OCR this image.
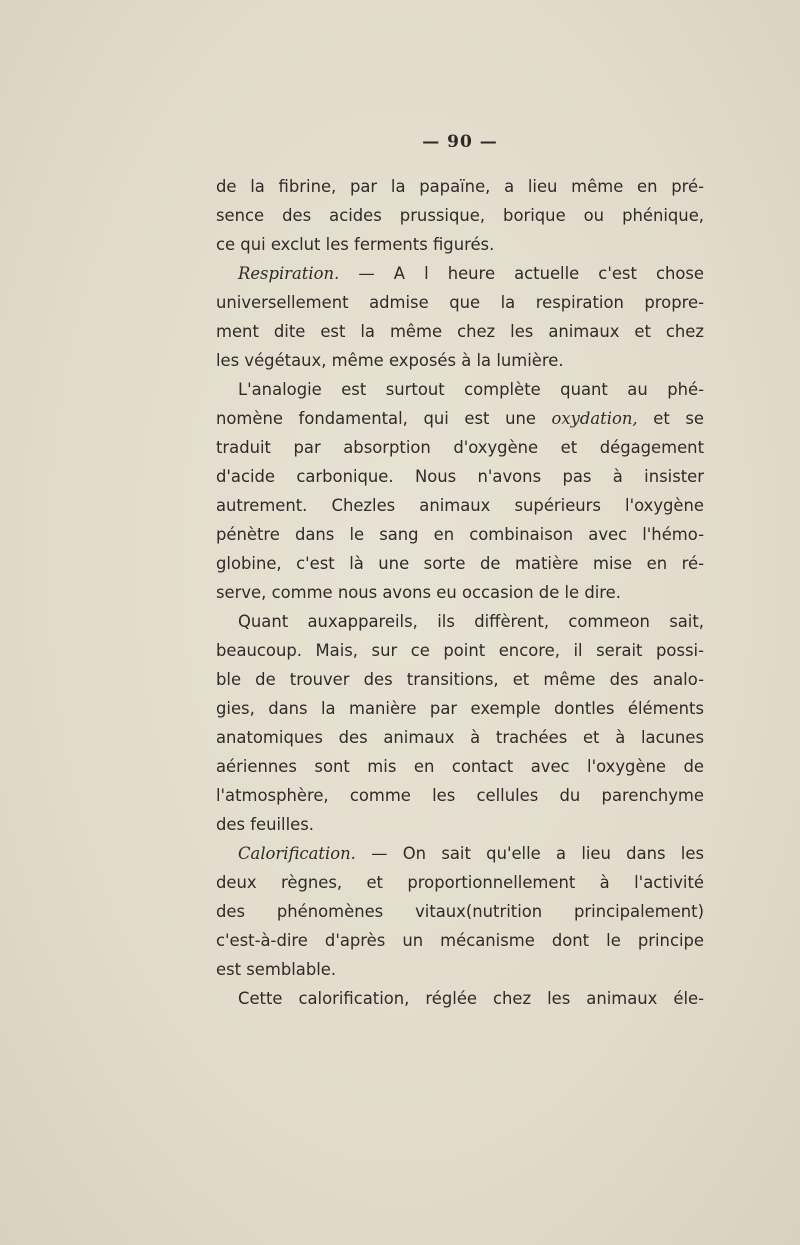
— 90 —
de la fibrine, par la papaïne, a lieu même en pré-
sence des acides prussique, borique ou phénique,
ce qui exclut les ferments figurés.
Respiration. — A l heure actuelle c'est chose
universellement admise que la respiration propre-
ment dite est la même chez les animaux et chez
les végétaux, même exposés à la lumière.
L'analogie est surtout complète quant au phé-
nomène fondamental, qui est une oxydation, et se
traduit par absorption d'oxygène et dégagement
d'acide carbonique. Nous n'avons pas à insister
autrement. Chezles animaux supérieurs l'oxygène
pénètre dans le sang en combinaison avec l'hémo-
globine, c'est là une sorte de matière mise en ré-
serve, comme nous avons eu occasion de le dire.
Quant auxappareils, ils diffèrent, commeon sait,
beaucoup. Mais, sur ce point encore, il serait possi-
ble de trouver des transitions, et même des analo-
gies, dans la manière par exemple dontles éléments
anatomiques des animaux à trachées et à lacunes
aériennes sont mis en contact avec l'oxygène de
l'atmosphère, comme les cellules du parenchyme
des feuilles.
Calorification. — On sait qu'elle a lieu dans les
deux règnes, et proportionnellement à l'activité
des phénomènes vitaux(nutrition principalement)
c'est-à-dire d'après un mécanisme dont le principe
est semblable.
Cette calorification, réglée chez les animaux éle-
